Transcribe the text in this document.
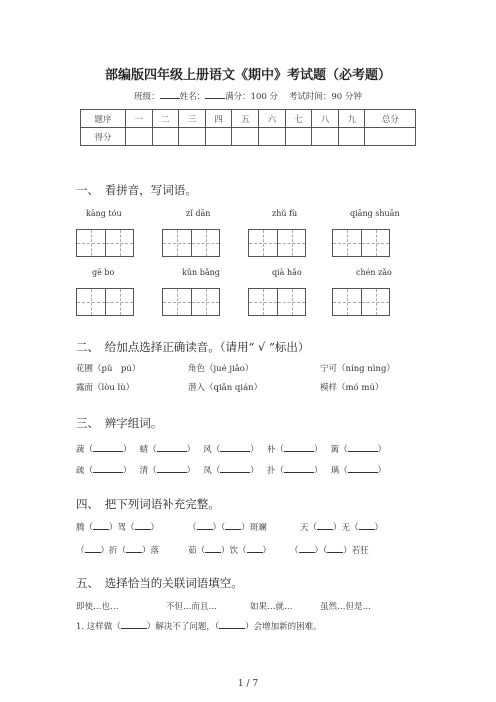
部编版四年级上册语文《期中》考试题（必考题）
班级： 姓名： 满分：100 分 考试时间：90 分钟
题序	一	二	三	四	五	六	七	八	九	总分
得分										
一、　看拼音，写词语。
kāng tóu	zǐ dān	zhǔ fù	qiāng shuān
gē bo	kǔn bǎng	qià hǎo	chén zǎo
二、　给加点选择正确读音。（请用“ √ ”标出）
花圃（pǔ　pú）	角色（jué jiǎo）	宁可（níng nìng）
露面（lòu lù）	潜入（qiǎn qián）	模样（mó mú）
三、　辨字组词。
蔬（	） 蜻（	） 风（	） 朴（	） 篱（	）
疏（	） 清（	） 凤（	） 扑（	） 璃（	）
四、　把下列词语补充完整。
腾（ ）驾（ ）	（ ）（ ）斑斓	天（ ）无（ ）
（ ）折（ ）落	茹（ ）饮（ ） （ ）（ ）若狂
五、　选择恰当的关联词语填空。
即使…也…	不但…而且…	如果…就…	虽然…但是…
1. 这样做（	）解决不了问题，（	）会增加新的困难。
1 / 7
